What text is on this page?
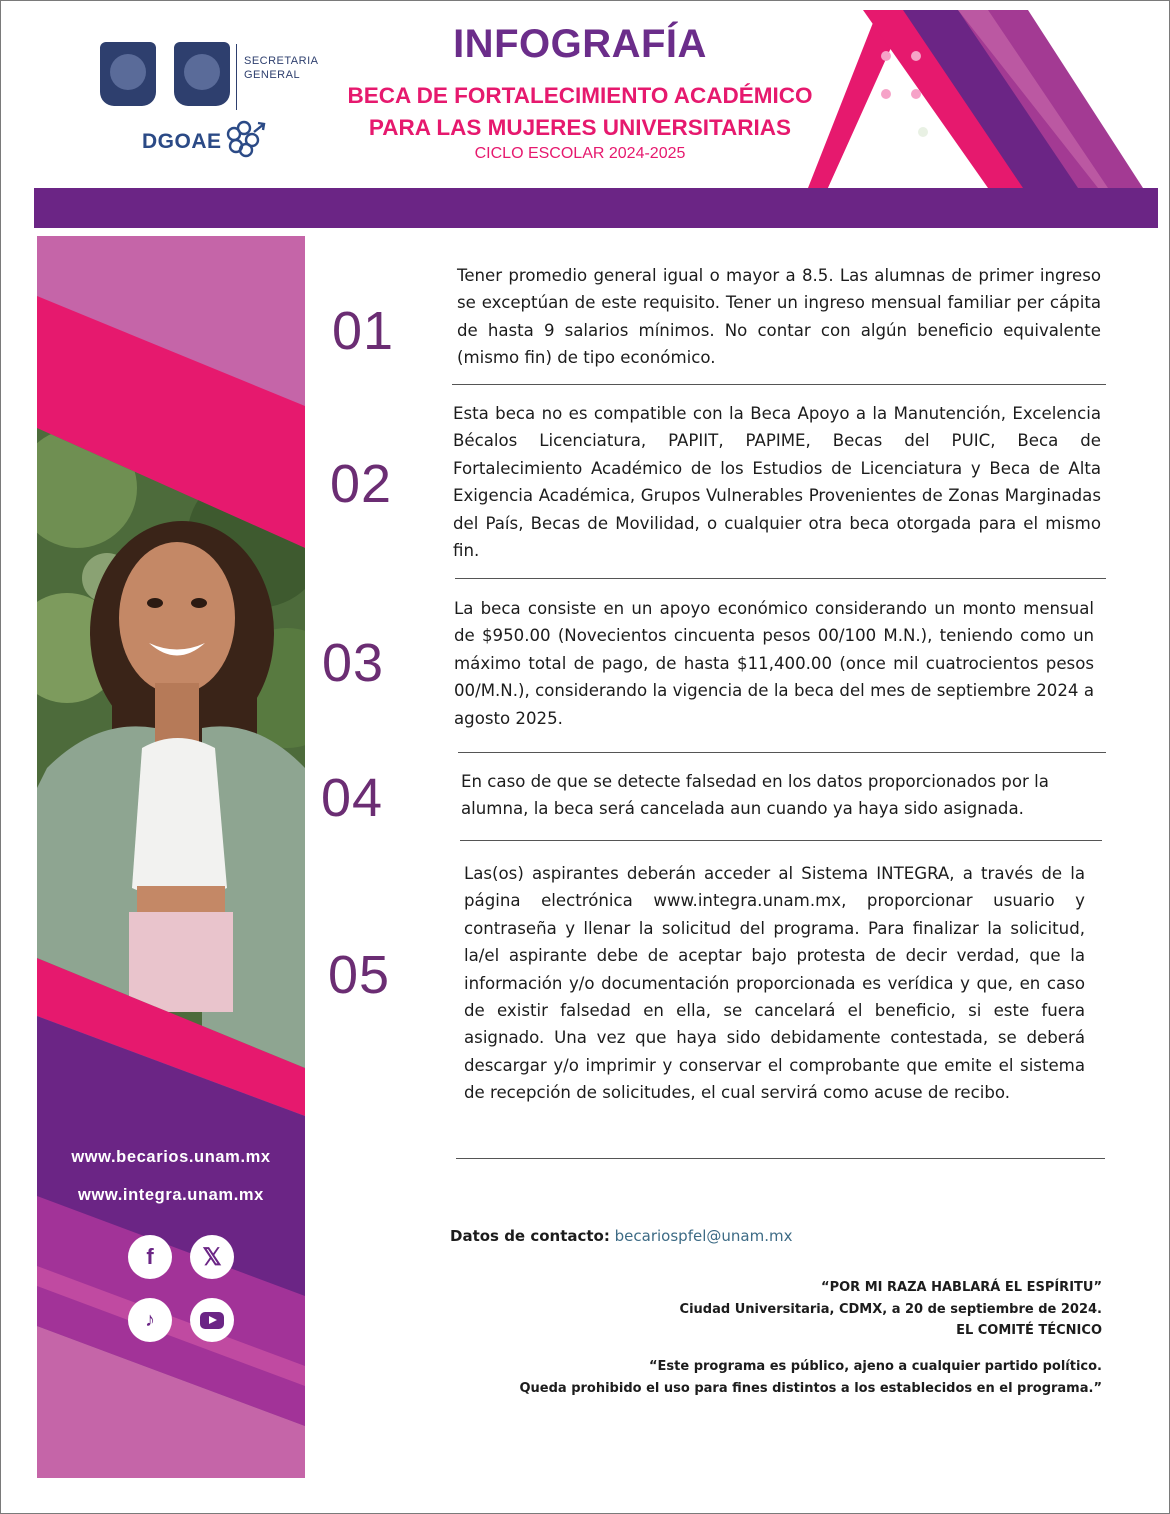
SECRETARIA
GENERAL
DGOAE
INFOGRAFÍA
BECA DE FORTALECIMIENTO ACADÉMICO
PARA LAS MUJERES UNIVERSITARIAS
CICLO ESCOLAR 2024-2025
www.becarios.unam.mx
www.integra.unam.mx
f	𝕏
♪
01
Tener promedio general igual o mayor a 8.5. Las alumnas de primer ingreso se exceptúan de este requisito. Tener un ingreso mensual familiar per cápita de hasta 9 salarios mínimos. No contar con algún beneficio equivalente (mismo fin) de tipo económico.
02
Esta beca no es compatible con la Beca Apoyo a la Manutención, Excelencia Bécalos Licenciatura, PAPIIT, PAPIME, Becas del PUIC, Beca de Fortalecimiento Académico de los Estudios de Licenciatura y Beca de Alta Exigencia Académica, Grupos Vulnerables Provenientes de Zonas Marginadas del País, Becas de Movilidad, o cualquier otra beca otorgada para el mismo fin.
03
La beca consiste en un apoyo económico considerando un monto mensual de $950.00 (Novecientos cincuenta pesos 00/100 M.N.), teniendo como un máximo total de pago, de hasta $11,400.00 (once mil cuatrocientos pesos 00/M.N.), considerando la vigencia de la beca del mes de septiembre 2024 a agosto 2025.
04	En caso de que se detecte falsedad en los datos proporcionados por la alumna, la beca será cancelada aun cuando ya haya sido asignada.
05
Las(os) aspirantes deberán acceder al Sistema INTEGRA, a través de la página electrónica www.integra.unam.mx, proporcionar usuario y contraseña y llenar la solicitud del programa. Para finalizar la solicitud, la/el aspirante debe de aceptar bajo protesta de decir verdad, que la información y/o documentación proporcionada es verídica y que, en caso de existir falsedad en ella, se cancelará el beneficio, si este fuera asignado. Una vez que haya sido debidamente contestada, se deberá descargar y/o imprimir y conservar el comprobante que emite el sistema de recepción de solicitudes, el cual servirá como acuse de recibo.
Datos de contacto: becariospfel@unam.mx
“POR MI RAZA HABLARÁ EL ESPÍRITU”
Ciudad Universitaria, CDMX, a 20 de septiembre de 2024.
EL COMITÉ TÉCNICO
“Este programa es público, ajeno a cualquier partido político.
Queda prohibido el uso para fines distintos a los establecidos en el programa.”
